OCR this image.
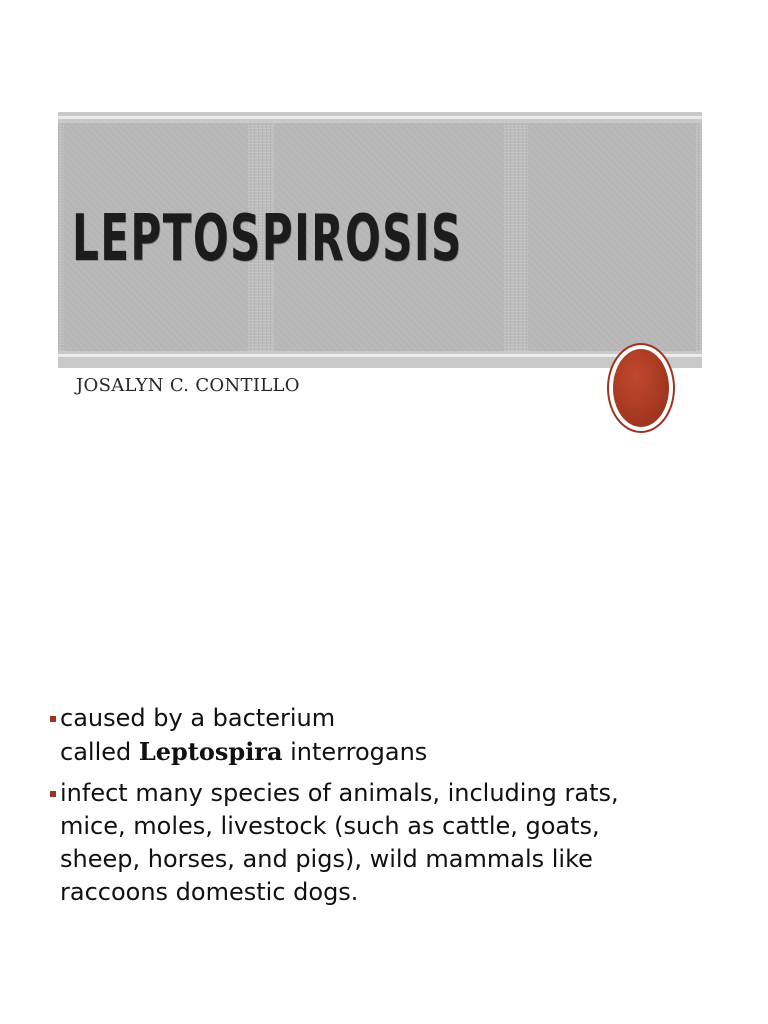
LEPTOSPIROSIS
JOSALYN C. CONTILLO
caused by a bacterium
called Leptospira interrogans
infect many species of animals, including rats,
mice, moles, livestock (such as cattle, goats,
sheep, horses, and pigs), wild mammals like
raccoons domestic dogs.
